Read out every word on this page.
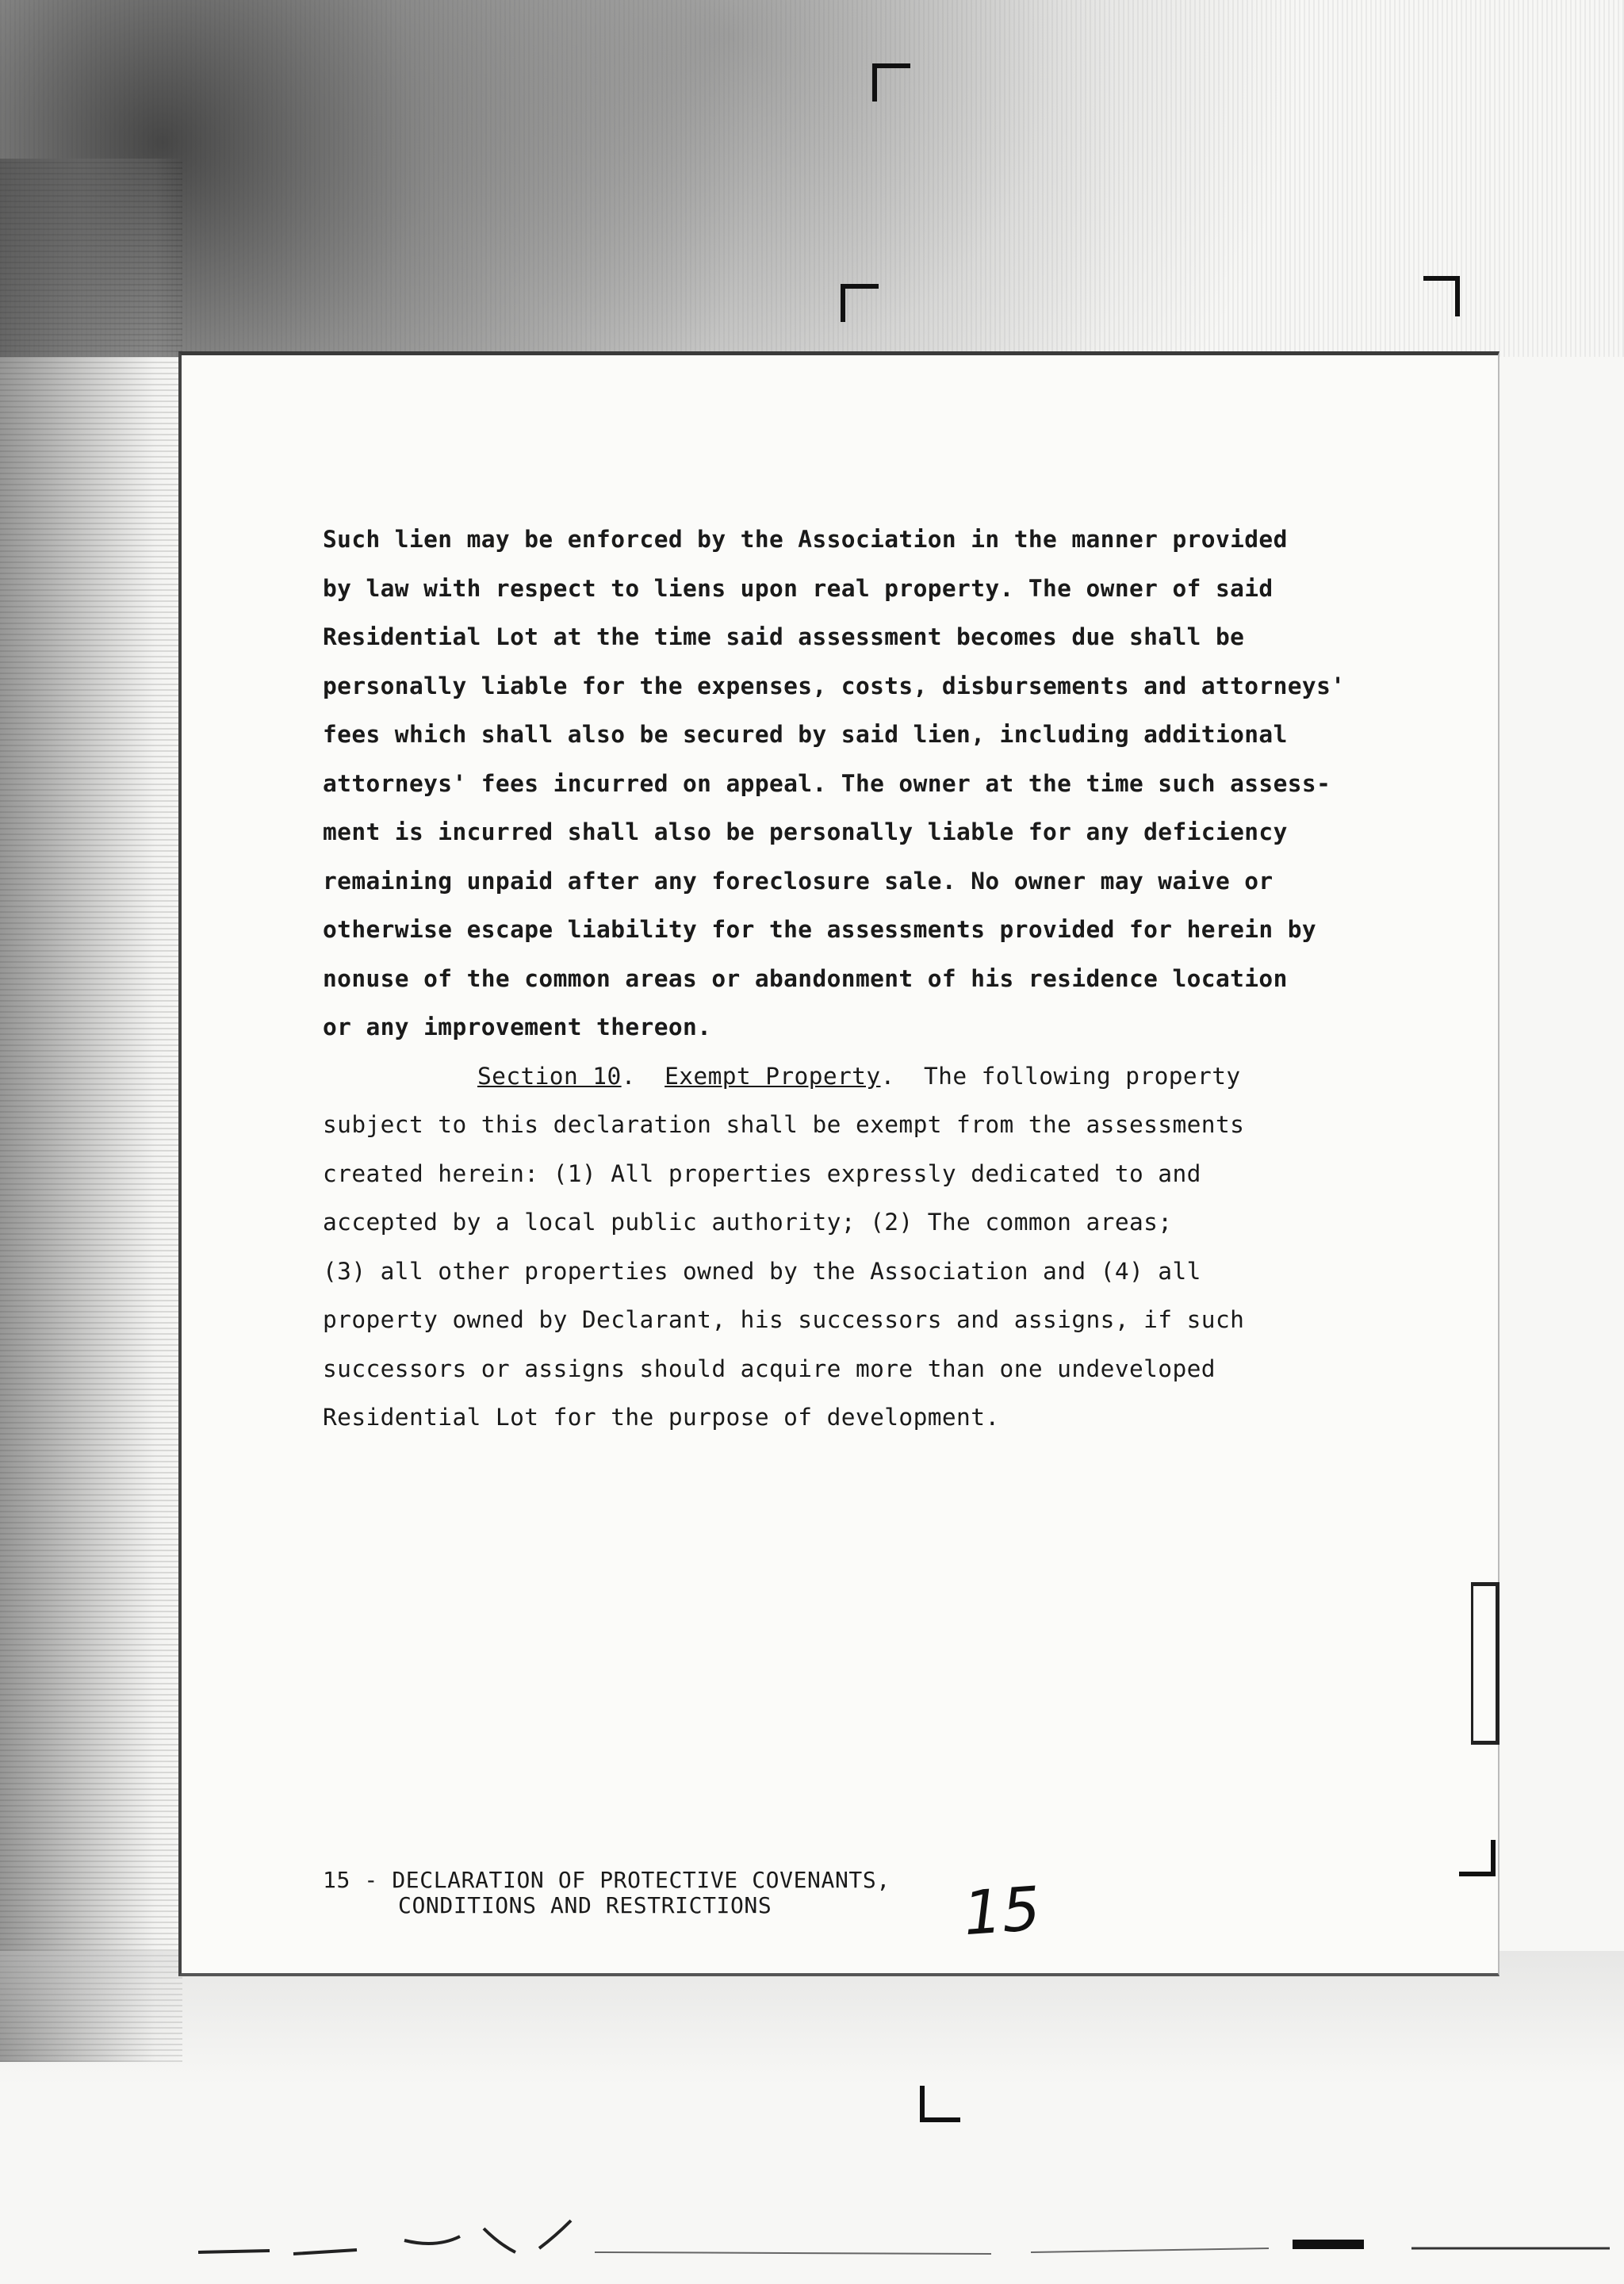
Such lien may be enforced by the Association in the manner provided
by law with respect to liens upon real property. The owner of said
Residential Lot at the time said assessment becomes due shall be
personally liable for the expenses, costs, disbursements and attorneys'
fees which shall also be secured by said lien, including additional
attorneys' fees incurred on appeal. The owner at the time such assess-
ment is incurred shall also be personally liable for any deficiency
remaining unpaid after any foreclosure sale. No owner may waive or
otherwise escape liability for the assessments provided for herein by
nonuse of the common areas or abandonment of his residence location
or any improvement thereon.
Section 10.  Exempt Property.  The following property
subject to this declaration shall be exempt from the assessments
created herein: (1) All properties expressly dedicated to and
accepted by a local public authority; (2) The common areas;
(3) all other properties owned by the Association and (4) all
property owned by Declarant, his successors and assigns, if such
successors or assigns should acquire more than one undeveloped
Residential Lot for the purpose of development.
15 - DECLARATION OF PROTECTIVE COVENANTS,
CONDITIONS AND RESTRICTIONS	15
